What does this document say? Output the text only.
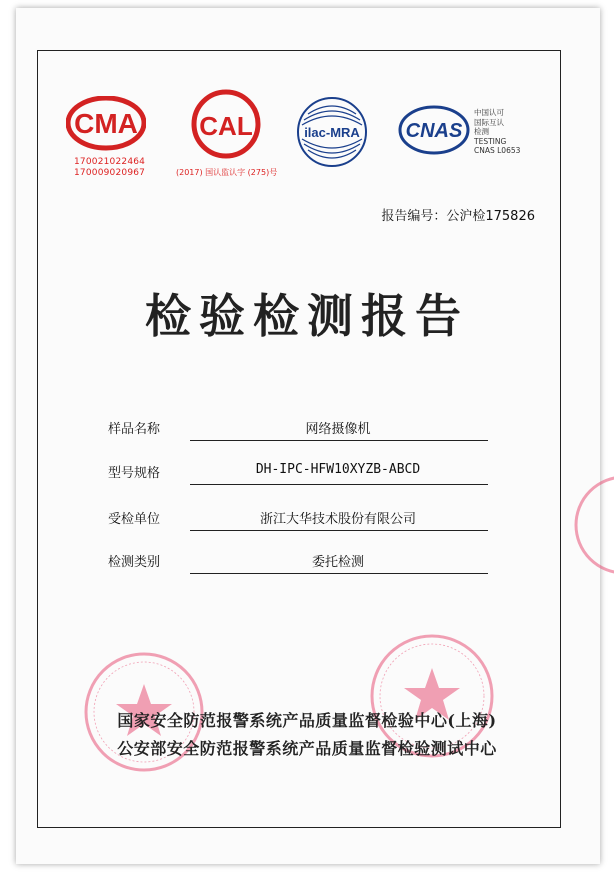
CMA
170021022464
170009020967
CAL
(2017) 国认监认字 (275)号
ilac-MRA CNAS
中国认可
国际互认
检测
TESTING
CNAS L0653
报告编号：公沪检175826
检验检测报告
样品名称	网络摄像机
型号规格	DH-IPC-HFW10XYZB-ABCD
受检单位	浙江大华技术股份有限公司
检测类别	委托检测
国家安全防范报警系统产品质量监督检验中心(上海)
公安部安全防范报警系统产品质量监督检验测试中心
